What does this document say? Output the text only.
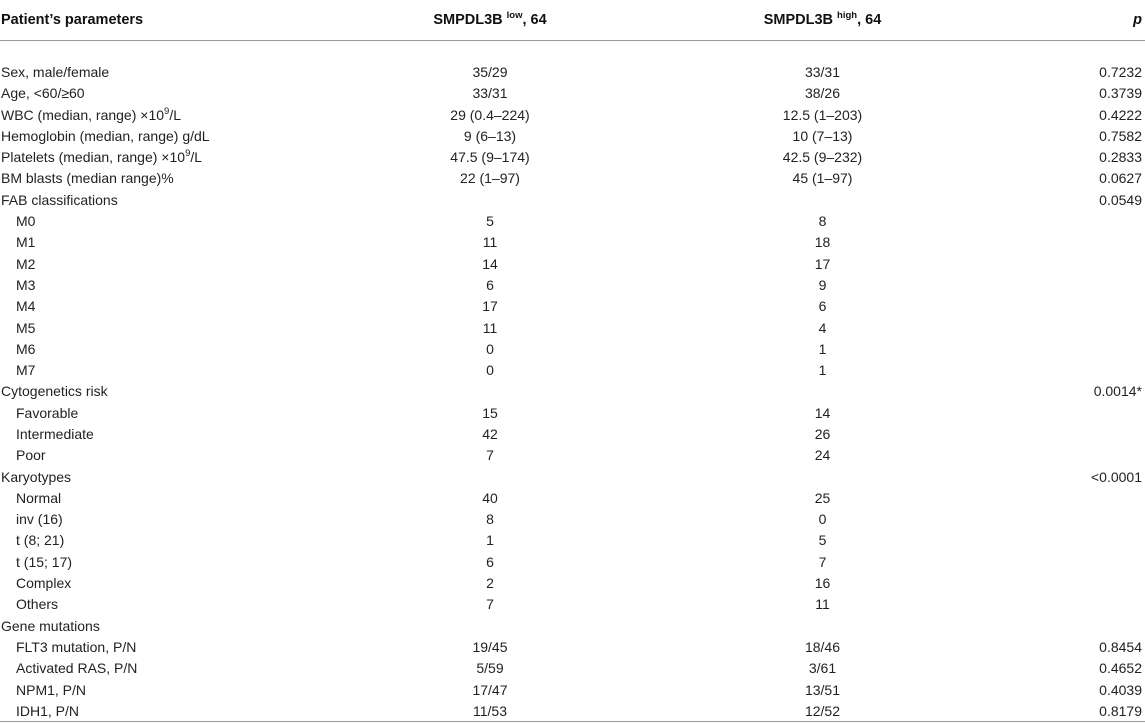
Patient’s parameters	SMPDL3B $^{low}$, 64	SMPDL3B $^{high}$, 64	p

Sex, male/female	35/29	33/31	0.7232
Age, <60/≥60	33/31	38/26	0.3739
WBC (median, range) $\times 10^9/L$	29 (0.4–224)	12.5 (1–203)	0.4222
Hemoglobin (median, range) g/dL	9 (6–13)	10 (7–13)	0.7582
Platelets (median, range) $\times 10^9/L$	47.5 (9–174)	42.5 (9–232)	0.2833
BM blasts (median range)%	22 (1–97)	45 (1–97)	0.0627
FAB classifications			0.0549
M0	5	8	
M1	11	18	
M2	14	17	
M3	6	9	
M4	17	6	
M5	11	4	
M6	0	1	
M7	0	1	
Cytogenetics risk			0.0014*
Favorable	15	14	
Intermediate	42	26	
Poor	7	24	
Karyotypes			<0.0001
Normal	40	25	
inv (16)	8	0	
t (8; 21)	1	5	
t (15; 17)	6	7	
Complex	2	16	
Others	7	11	
Gene mutations			
FLT3 mutation, P/N	19/45	18/46	0.8454
Activated RAS, P/N	5/59	3/61	0.4652
NPM1, P/N	17/47	13/51	0.4039
IDH1, P/N	11/53	12/52	0.8179
